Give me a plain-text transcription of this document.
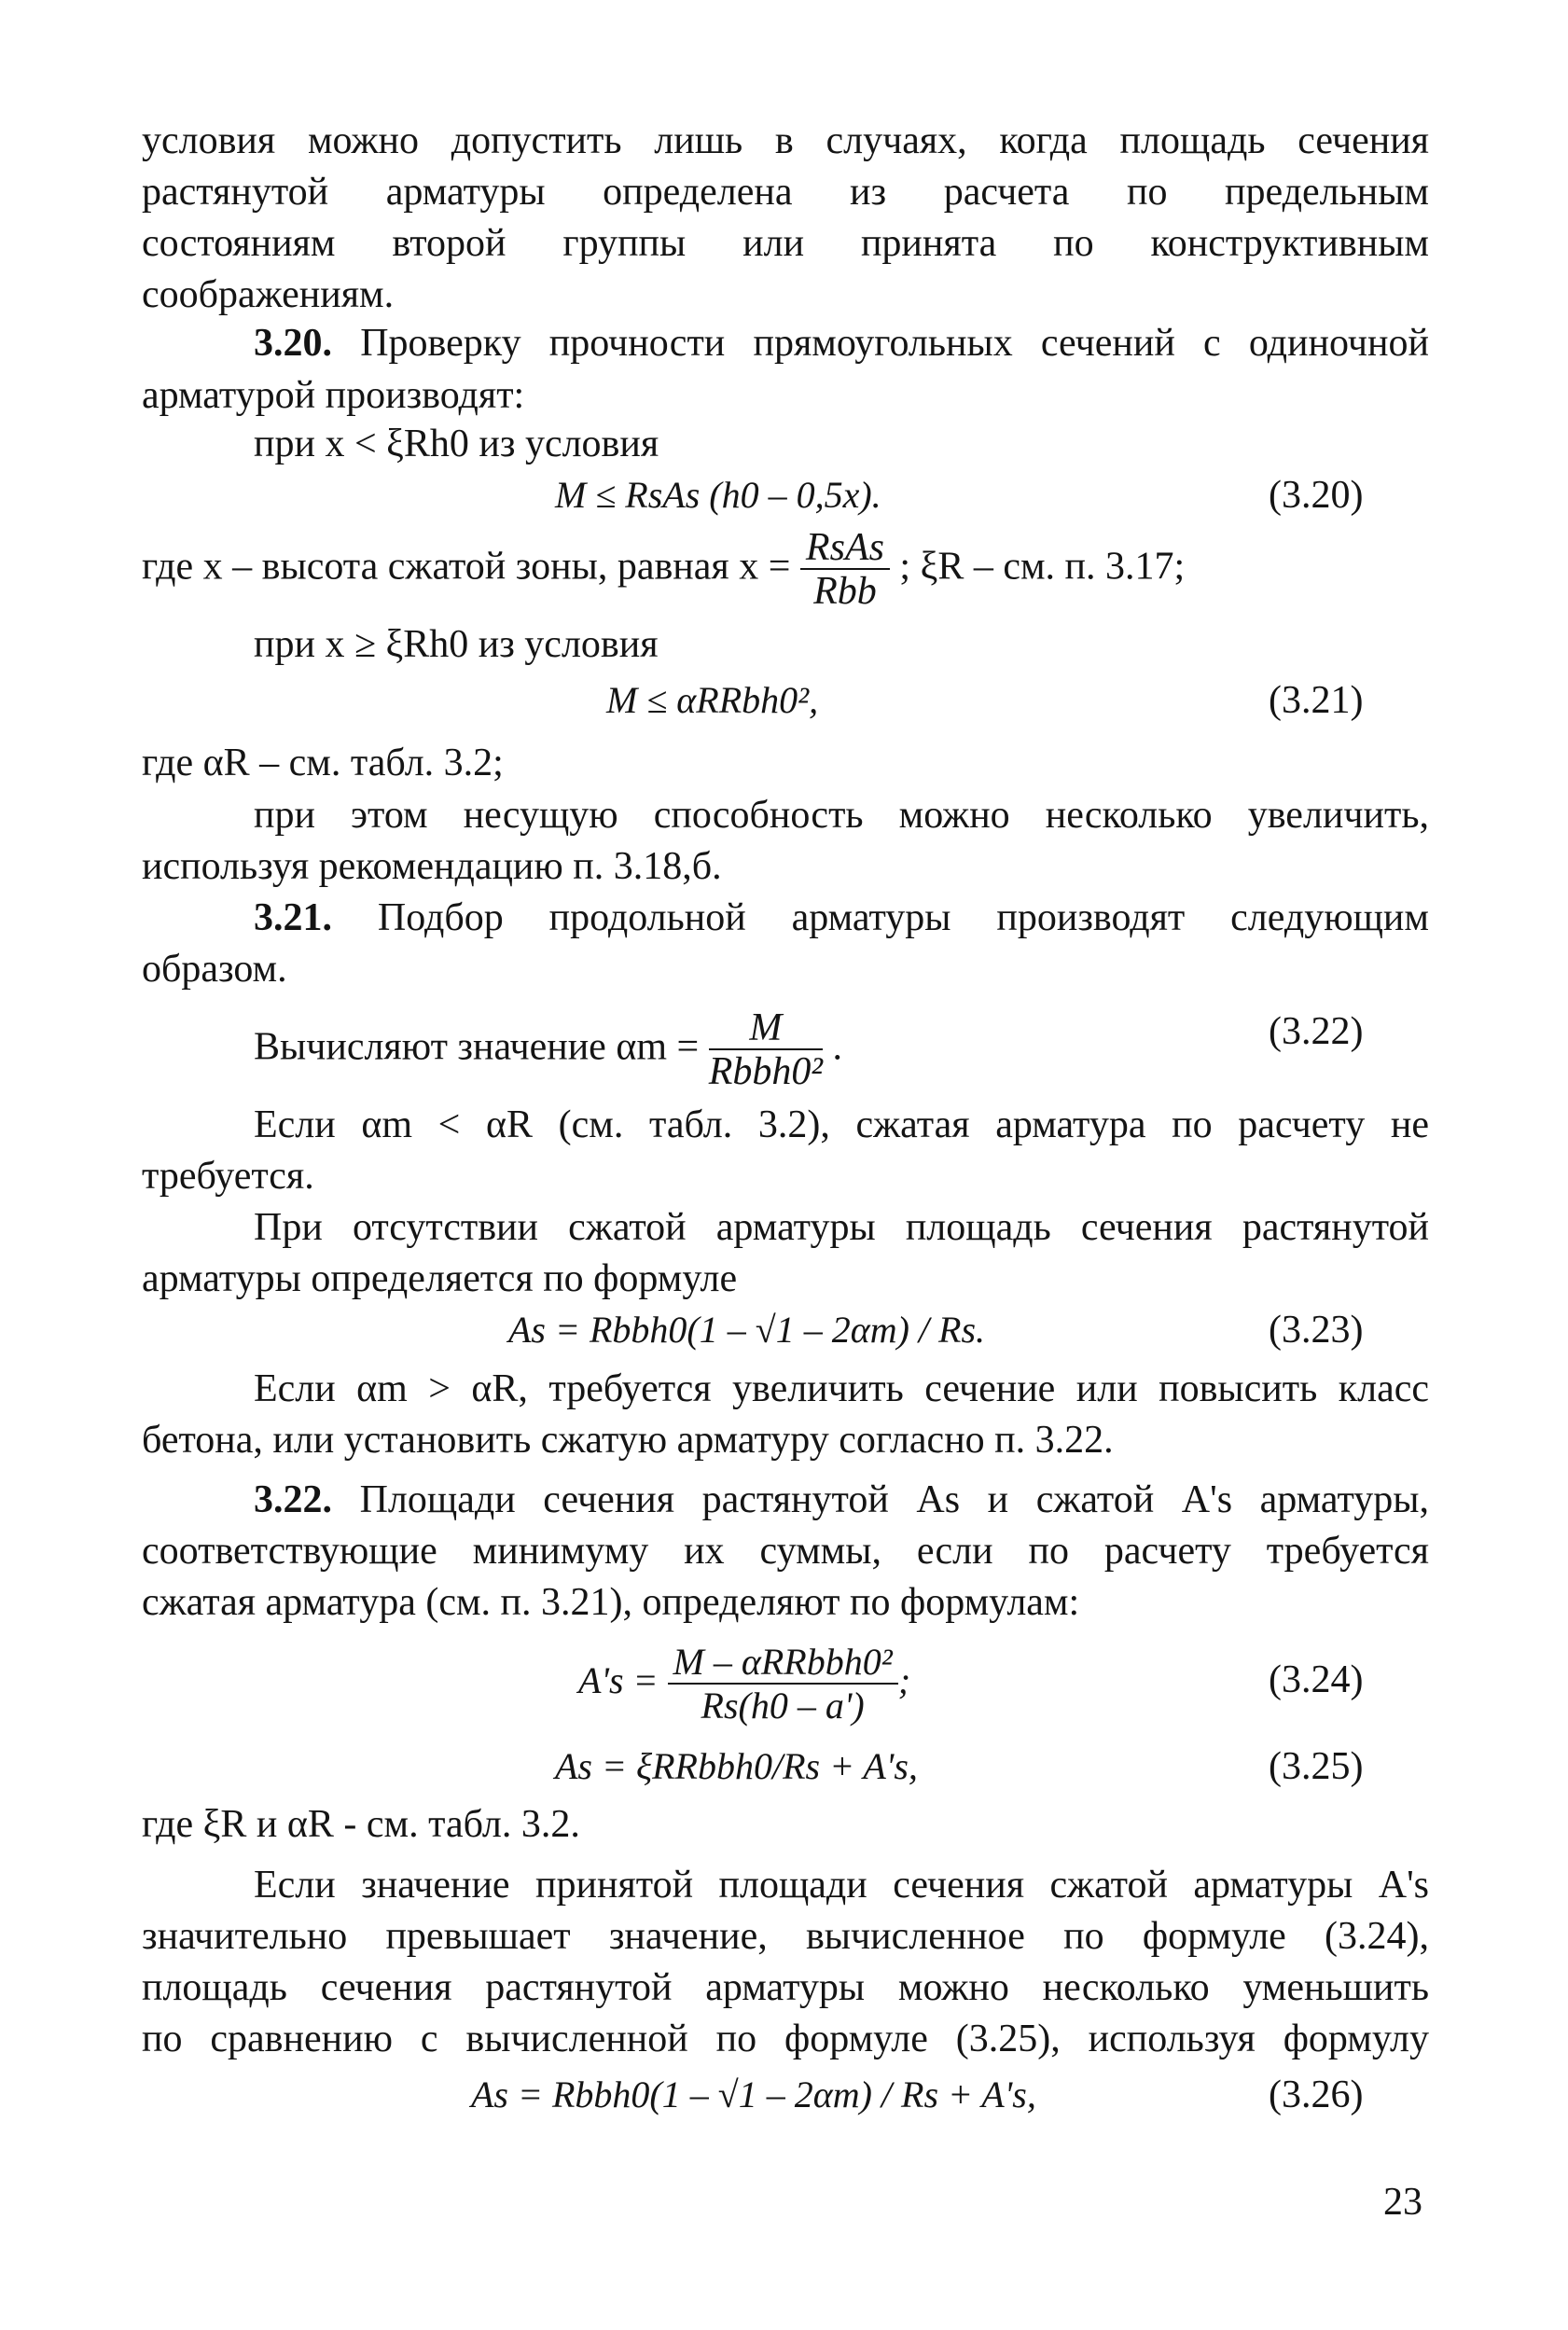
условия можно допустить лишь в случаях, когда площадь сечения
растянутой арматуры определена из расчета по предельным
состояниям второй группы или принята по конструктивным
соображениям.
3.20. Проверку прочности прямоугольных сечений с одиночной
арматурой производят:
при x < ξRh0 из условия
M ≤ RsAs (h0 – 0,5x).	(3.20)
где x – высота сжатой зоны, равная $x = \frac{\text{RsAs}}{\text{Rbb}}$ ; ξR – см. п. 3.17;
при x ≥ ξRh0 из условия
M ≤ αRRbh0²,	(3.21)
где αR – см. табл. 3.2;
при этом несущую способность можно несколько увеличить,
используя рекомендацию п. 3.18,б.
3.21. Подбор продольной арматуры производят следующим
образом.
Вычисляют значение $\alpha m = \frac{M}{\text{Rbbh0²}}$ .	(3.22)
Если αm < αR (см. табл. 3.2), сжатая арматура по расчету не
требуется.
При отсутствии сжатой арматуры площадь сечения растянутой
арматуры определяется по формуле
As = Rbbh0(1 – √1 – 2αm) / Rs.	(3.23)
Если αm > αR, требуется увеличить сечение или повысить класс
бетона, или установить сжатую арматуру согласно п. 3.22.
3.22. Площади сечения растянутой As и сжатой A's арматуры,
соответствующие минимуму их суммы, если по расчету требуется
сжатая арматура (см. п. 3.21), определяют по формулам:
$A's = \frac{\text{M – αRRbbh0²}}{Rs(h0 - a')}$ ;	(3.24)
As = ξRRbbh0/Rs + A's,	(3.25)
где ξR и αR - см. табл. 3.2.
Если значение принятой площади сечения сжатой арматуры A's
значительно превышает значение, вычисленное по формуле (3.24),
площадь сечения растянутой арматуры можно несколько уменьшить
по сравнению с вычисленной по формуле (3.25), используя формулу
As = Rbbh0(1 – √1 – 2αm) / Rs + A's,	(3.26)
23
